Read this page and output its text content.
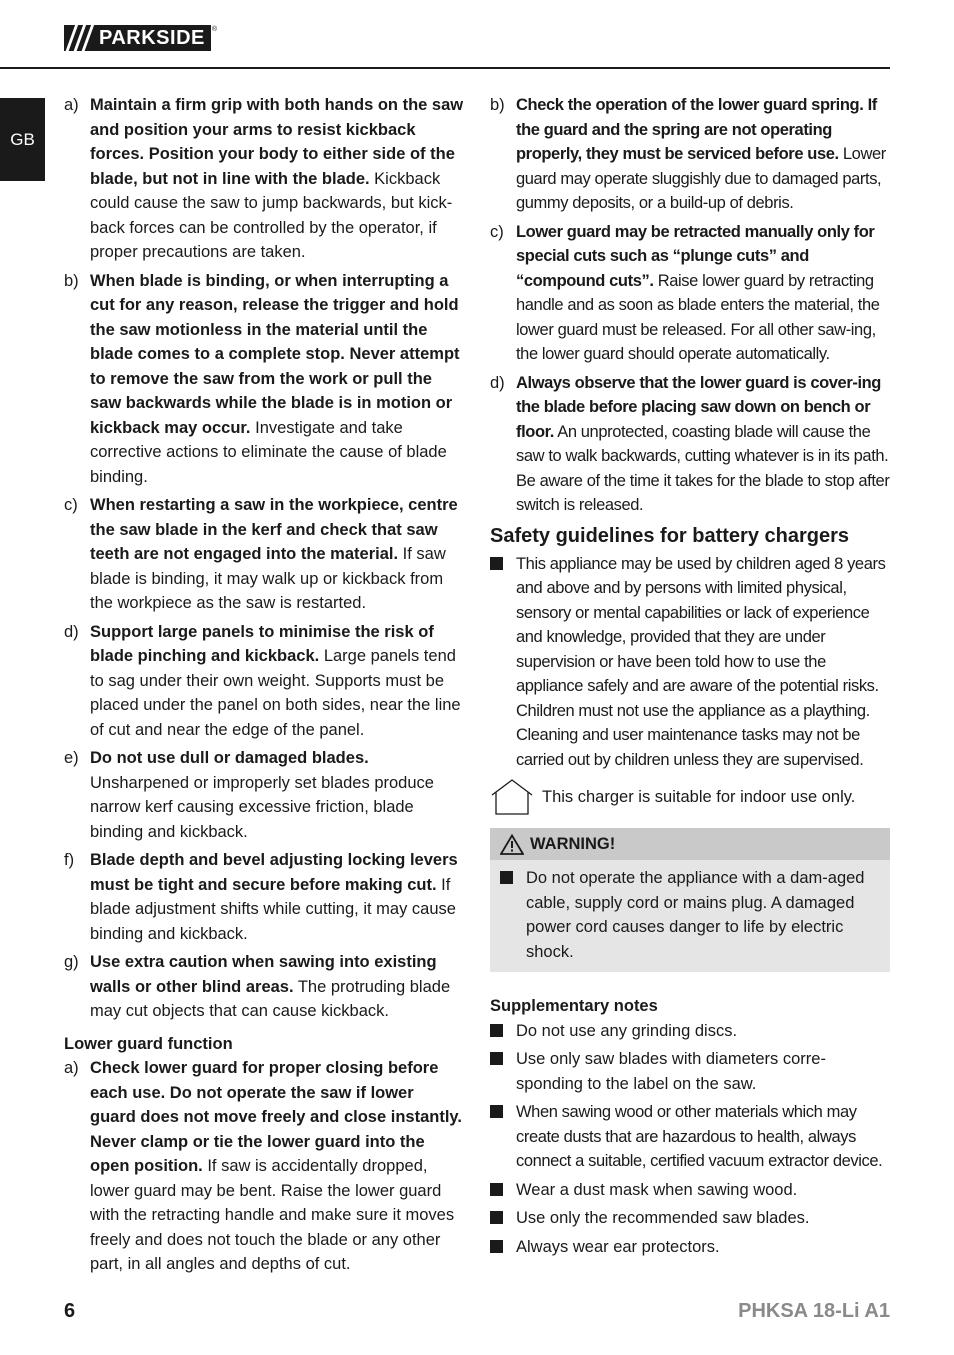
PARKSIDE	®
GB
a) Maintain a firm grip with both hands on the saw and position your arms to resist kickback forces. Position your body to either side of the blade, but not in line with the blade. Kickback could cause the saw to jump backwards, but kick-back forces can be controlled by the operator, if proper precautions are taken.
b) When blade is binding, or when interrupting a cut for any reason, release the trigger and hold the saw motionless in the material until the blade comes to a complete stop. Never attempt to remove the saw from the work or pull the saw backwards while the blade is in motion or kickback may occur. Investigate and take corrective actions to eliminate the cause of blade binding.
c) When restarting a saw in the workpiece, centre the saw blade in the kerf and check that saw teeth are not engaged into the material. If saw blade is binding, it may walk up or kickback from the workpiece as the saw is restarted.
d) Support large panels to minimise the risk of blade pinching and kickback. Large panels tend to sag under their own weight. Supports must be placed under the panel on both sides, near the line of cut and near the edge of the panel.
e) Do not use dull or damaged blades. Unsharpened or improperly set blades produce narrow kerf causing excessive friction, blade binding and kickback.
f) Blade depth and bevel adjusting locking levers must be tight and secure before making cut. If blade adjustment shifts while cutting, it may cause binding and kickback.
g) Use extra caution when sawing into existing walls or other blind areas. The protruding blade may cut objects that can cause kickback.
Lower guard function
a) Check lower guard for proper closing before each use. Do not operate the saw if lower guard does not move freely and close instantly. Never clamp or tie the lower guard into the open position. If saw is accidentally dropped, lower guard may be bent. Raise the lower guard with the retracting handle and make sure it moves freely and does not touch the blade or any other part, in all angles and depths of cut.
b) Check the operation of the lower guard spring. If the guard and the spring are not operating properly, they must be serviced before use. Lower guard may operate sluggishly due to damaged parts, gummy deposits, or a build-up of debris.
c) Lower guard may be retracted manually only for special cuts such as “plunge cuts” and “compound cuts”. Raise lower guard by retracting handle and as soon as blade enters the material, the lower guard must be released. For all other saw-ing, the lower guard should operate automatically.
d) Always observe that the lower guard is cover-ing the blade before placing saw down on bench or floor. An unprotected, coasting blade will cause the saw to walk backwards, cutting whatever is in its path. Be aware of the time it takes for the blade to stop after switch is released.
Safety guidelines for battery chargers
This appliance may be used by children aged 8 years and above and by persons with limited physical, sensory or mental capabilities or lack of experience and knowledge, provided that they are under supervision or have been told how to use the appliance safely and are aware of the potential risks. Children must not use the appliance as a plaything. Cleaning and user maintenance tasks may not be carried out by children unless they are supervised.
This charger is suitable for indoor use only.
WARNING!
Do not operate the appliance with a dam-aged cable, supply cord or mains plug. A damaged power cord causes danger to life by electric shock.
Supplementary notes
Do not use any grinding discs.
Use only saw blades with diameters corre-sponding to the label on the saw.
When sawing wood or other materials which may create dusts that are hazardous to health, always connect a suitable, certified vacuum extractor device.
Wear a dust mask when sawing wood.
Use only the recommended saw blades.
Always wear ear protectors.
6	PHKSA 18-Li A1
